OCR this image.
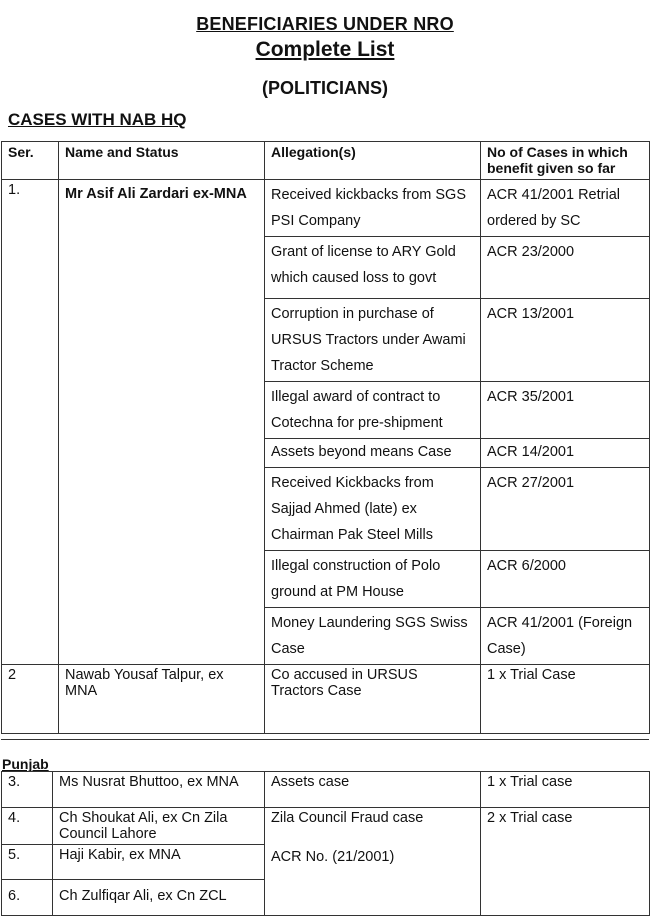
BENEFICIARIES UNDER NRO
Complete List
(POLITICIANS)
CASES WITH NAB HQ
Ser.	Name and Status	Allegation(s)	No of Cases in which benefit given so far
1.	Mr Asif Ali Zardari ex-MNA	Received kickbacks from SGS PSI Company	ACR 41/2001 Retrial ordered by SC
		Grant of license to ARY Gold which caused loss to govt	ACR 23/2000
		Corruption in purchase of URSUS Tractors under Awami Tractor Scheme	ACR 13/2001
		Illegal award of contract to Cotechna for pre-shipment	ACR 35/2001
		Assets beyond means Case	ACR 14/2001
		Received Kickbacks from Sajjad Ahmed (late) ex Chairman Pak Steel Mills	ACR 27/2001
		Illegal construction of Polo ground at PM House	ACR 6/2000
		Money Laundering SGS Swiss Case	ACR 41/2001 (Foreign Case)
2	Nawab Yousaf Talpur, ex MNA	Co accused in URSUS Tractors Case	1 x Trial Case
Punjab
3.	Ms Nusrat Bhuttoo, ex MNA	Assets case	1 x Trial case
4.	Ch Shoukat Ali, ex Cn Zila Council Lahore	Zila Council Fraud case	2 x Trial case
5.	Haji Kabir, ex MNA	ACR No. (21/2001)	
6.	Ch Zulfiqar Ali, ex Cn ZCL		
